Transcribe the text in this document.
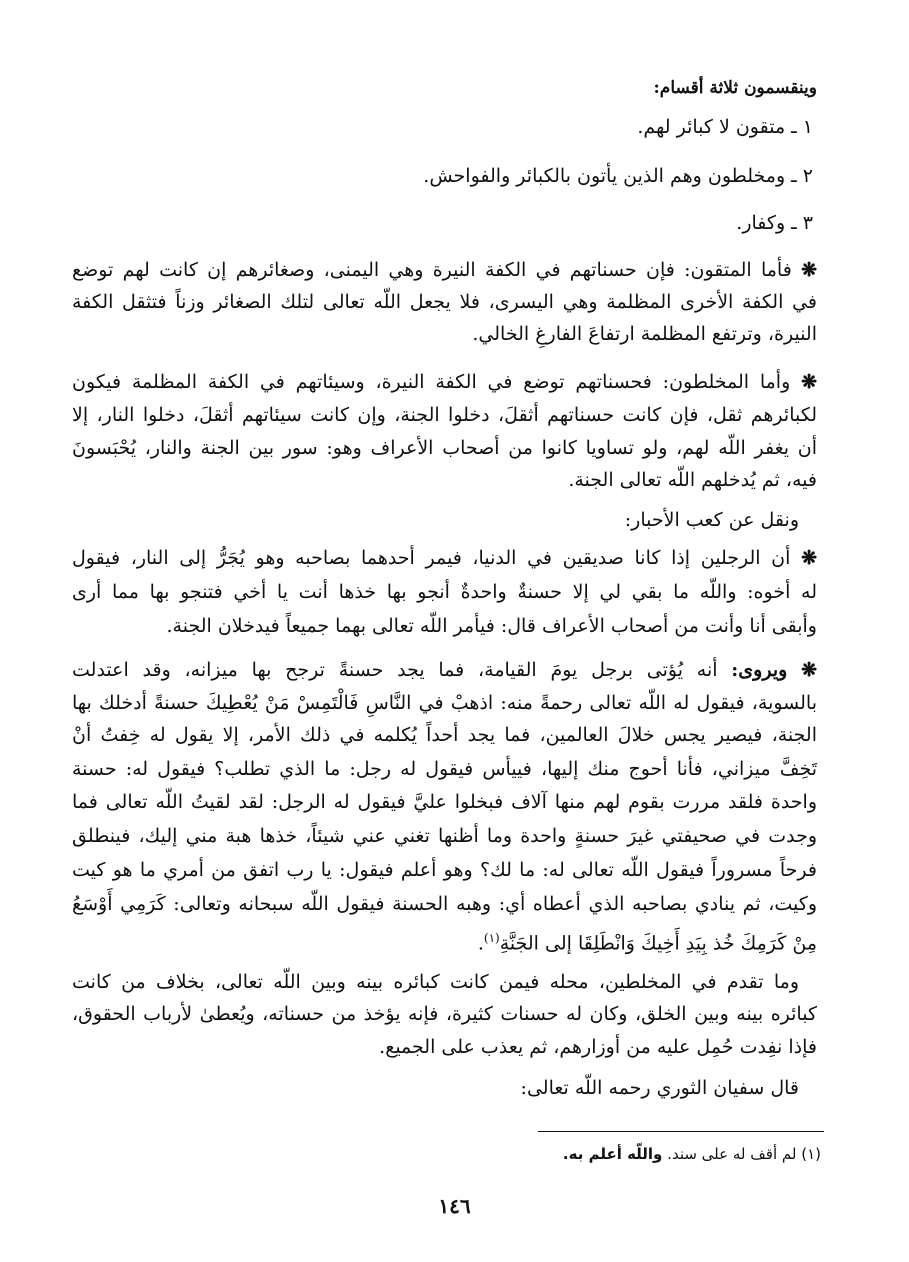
وينقسمون ثلاثة أقسام:
١ ـ متقون لا كبائر لهم.
٢ ـ ومخلطون وهم الذين يأتون بالكبائر والفواحش.
٣ ـ وكفار.
❋ فأما المتقون: فإن حسناتهم في الكفة النيرة وهي اليمنى، وصغائرهم إن كانت لهم توضع
في الكفة الأخرى المظلمة وهي اليسرى، فلا يجعل اللّه تعالى لتلك الصغائر وزناً فتثقل الكفة
النيرة، وترتفع المظلمة ارتفاعَ الفارغِ الخالي.
❋ وأما المخلطون: فحسناتهم توضع في الكفة النيرة، وسيئاتهم في الكفة المظلمة فيكون
لكبائرهم ثقل، فإن كانت حسناتهم أثقلَ، دخلوا الجنة، وإن كانت سيئاتهم أثقلَ، دخلوا النار، إلا
أن يغفر اللّه لهم، ولو تساويا كانوا من أصحاب الأعراف وهو: سور بين الجنة والنار، يُحْبَسونَ
فيه، ثم يُدخلهم اللّه تعالى الجنة.
ونقل عن كعب الأحبار:
❋ أن الرجلين إذا كانا صديقين في الدنيا، فيمر أحدهما بصاحبه وهو يُجَرُّ إلى النار، فيقول
له أخوه: واللّه ما بقي لي إلا حسنةٌ واحدةٌ أنجو بها خذها أنت يا أخي فتنجو بها مما أرى
وأبقى أنا وأنت من أصحاب الأعراف قال: فيأمر اللّه تعالى بهما جميعاً فيدخلان الجنة.
❋ ويروى: أنه يُؤتى برجل يومَ القيامة، فما يجد حسنةً ترجح بها ميزانه، وقد اعتدلت
بالسوية، فيقول له اللّه تعالى رحمةً منه: اذهبْ في النَّاسِ فَالْتَمِسْ مَنْ يُعْطِيكَ حسنةً أدخلك بها
الجنة، فيصير يجس خلالَ العالمين، فما يجد أحداً يُكلمه في ذلك الأمر، إلا يقول له خِفتُ أنْ
تَخِفَّ ميزاني، فأنا أحوج منك إليها، فييأس فيقول له رجل: ما الذي تطلب؟ فيقول له: حسنة
واحدة فلقد مررت بقوم لهم منها آلاف فبخلوا عليَّ فيقول له الرجل: لقد لقيتُ اللّه تعالى فما
وجدت في صحيفتي غيرَ حسنةٍ واحدة وما أظنها تغني عني شيئاً، خذها هبة مني إليك، فينطلق
فرحاً مسروراً فيقول اللّه تعالى له: ما لك؟ وهو أعلم فيقول: يا رب اتفق من أمري ما هو كيت
وكيت، ثم ينادي بصاحبه الذي أعطاه أي: وهبه الحسنة فيقول اللّه سبحانه وتعالى: كَرَمِي أَوْسَعُ
مِنْ كَرَمِكَ خُذ بِيَدِ أَخِيكَ وَانْطَلِقَا إلى الجَنَّةِ$^{(١)}$.
وما تقدم في المخلطين، محله فيمن كانت كبائره بينه وبين اللّه تعالى، بخلاف من كانت
كبائره بينه وبين الخلق، وكان له حسنات كثيرة، فإنه يؤخذ من حسناته، ويُعطىٰ لأرباب الحقوق،
فإذا نفِدت حُمِل عليه من أوزارهم، ثم يعذب على الجميع.
قال سفيان الثوري رحمه اللّه تعالى:
(١) لم أقف له على سند. واللّه أعلم به.
١٤٦
